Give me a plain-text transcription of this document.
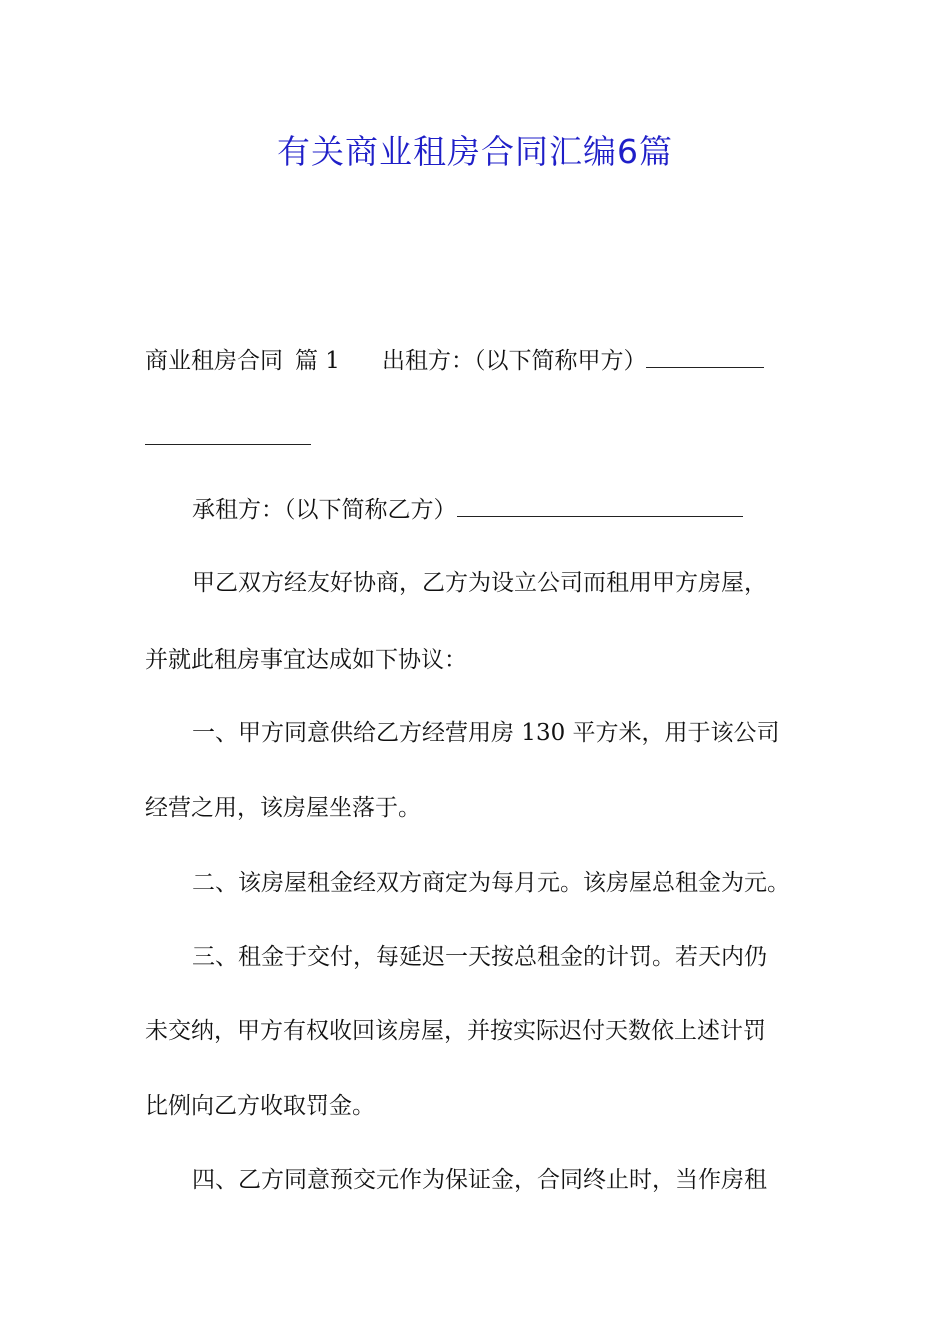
有关商业租房合同汇编6篇
商业租房合同 篇 1 出租方：（以下简称甲方）
承租方：（以下简称乙方）
甲乙双方经友好协商，乙方为设立公司而租用甲方房屋，
并就此租房事宜达成如下协议：
一、甲方同意供给乙方经营用房 130 平方米，用于该公司
经营之用，该房屋坐落于。
二、该房屋租金经双方商定为每月元。该房屋总租金为元。
三、租金于交付，每延迟一天按总租金的计罚。若天内仍
未交纳，甲方有权收回该房屋，并按实际迟付天数依上述计罚
比例向乙方收取罚金。
四、乙方同意预交元作为保证金，合同终止时，当作房租
